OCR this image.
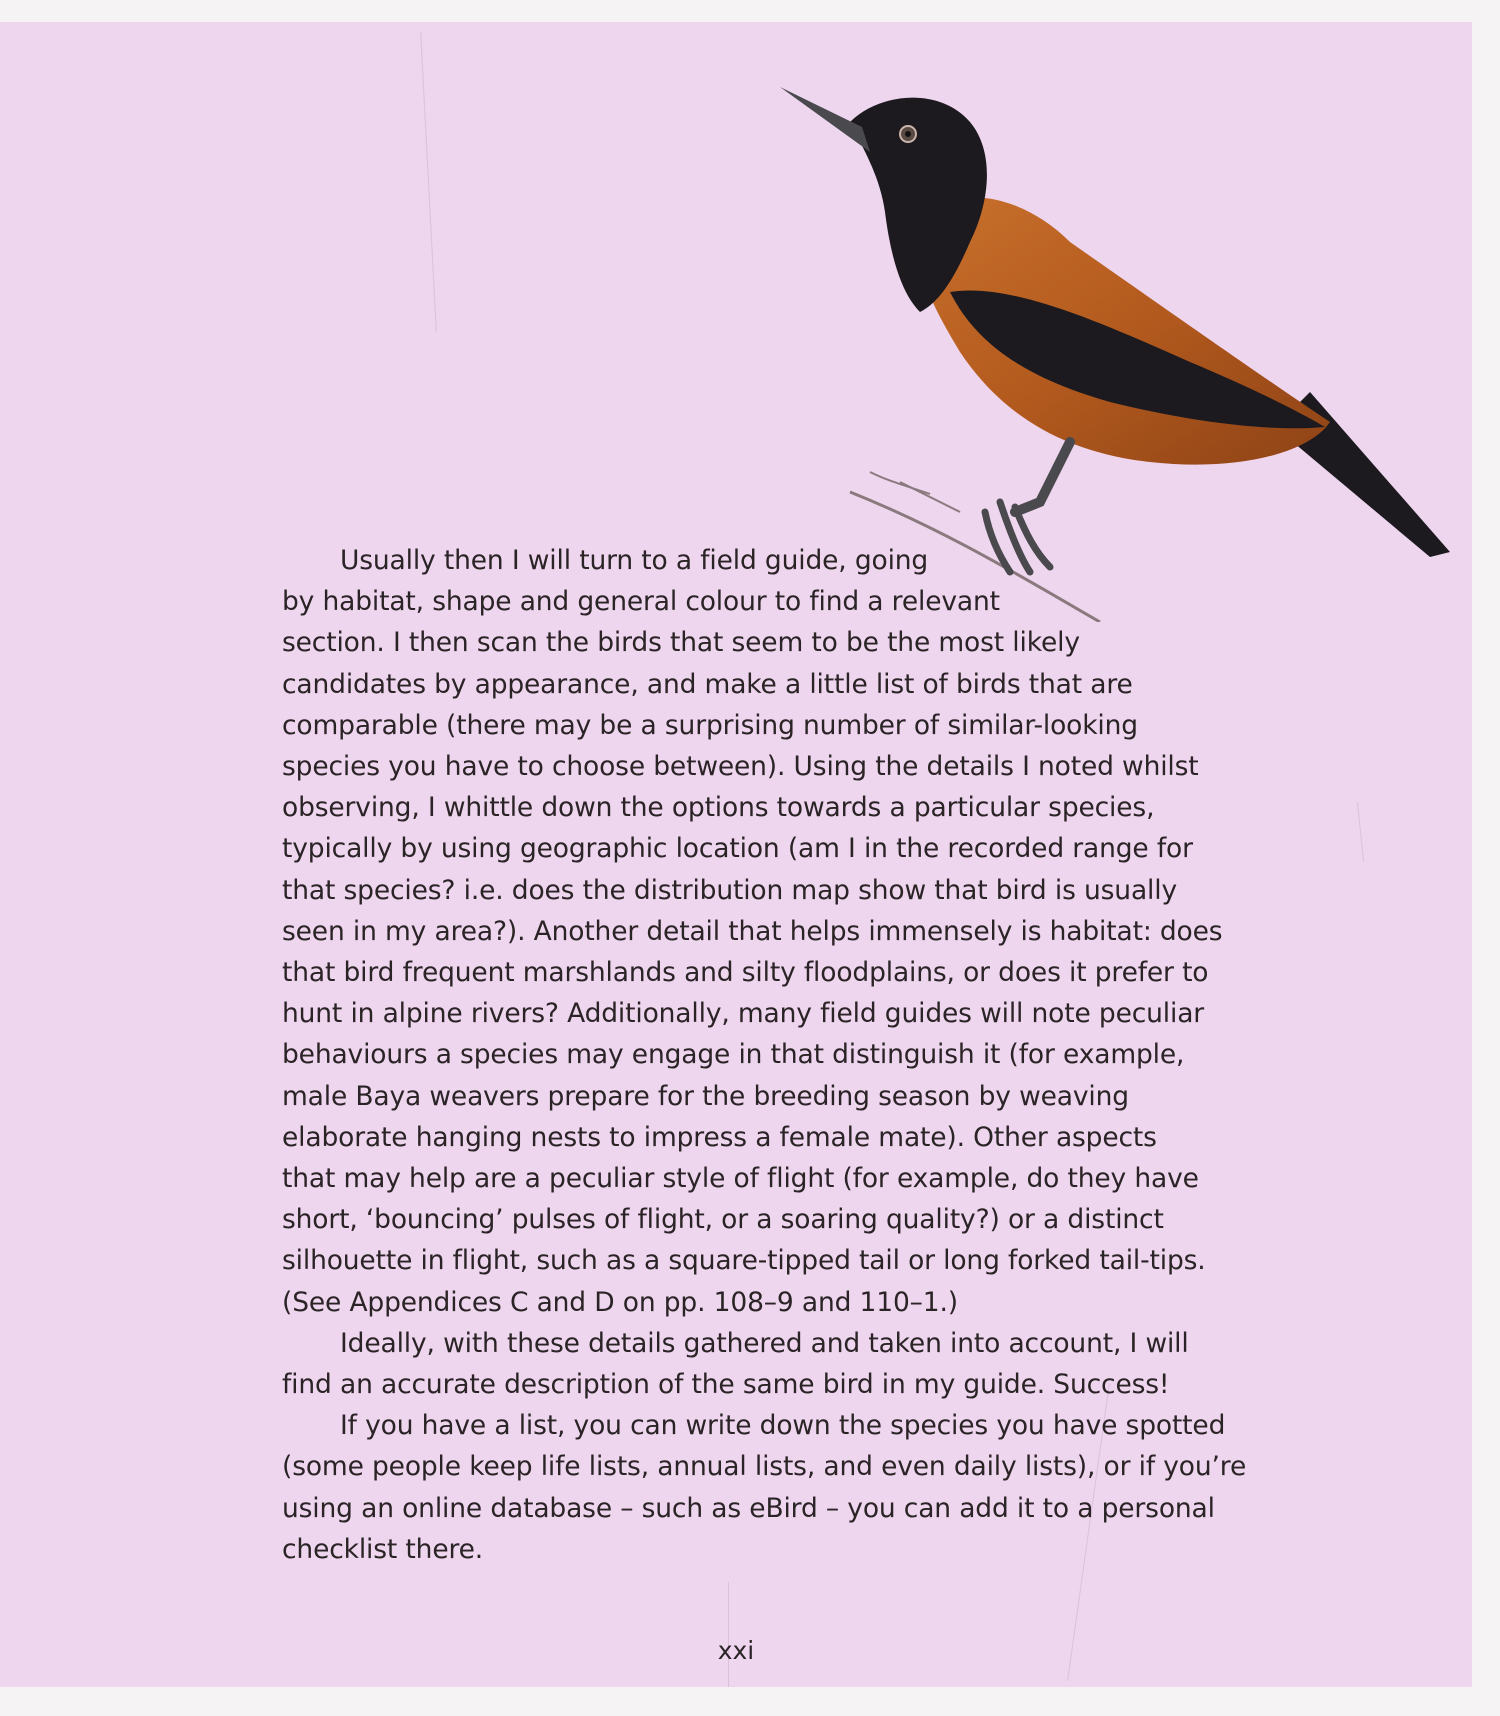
Usually then I will turn to a field guide, going
by habitat, shape and general colour to find a relevant
section. I then scan the birds that seem to be the most likely
candidates by appearance, and make a little list of birds that are
comparable (there may be a surprising number of similar-looking
species you have to choose between). Using the details I noted whilst
observing, I whittle down the options towards a particular species,
typically by using geographic location (am I in the recorded range for
that species? i.e. does the distribution map show that bird is usually
seen in my area?). Another detail that helps immensely is habitat: does
that bird frequent marshlands and silty floodplains, or does it prefer to
hunt in alpine rivers? Additionally, many field guides will note peculiar
behaviours a species may engage in that distinguish it (for example,
male Baya weavers prepare for the breeding season by weaving
elaborate hanging nests to impress a female mate). Other aspects
that may help are a peculiar style of flight (for example, do they have
short, ‘bouncing’ pulses of flight, or a soaring quality?) or a distinct
silhouette in flight, such as a square-tipped tail or long forked tail-tips.
(See Appendices C and D on pp. 108–9 and 110–1.)

Ideally, with these details gathered and taken into account, I will
find an accurate description of the same bird in my guide. Success!

If you have a list, you can write down the species you have spotted
(some people keep life lists, annual lists, and even daily lists), or if you’re
using an online database – such as eBird – you can add it to a personal
checklist there.

xxi
